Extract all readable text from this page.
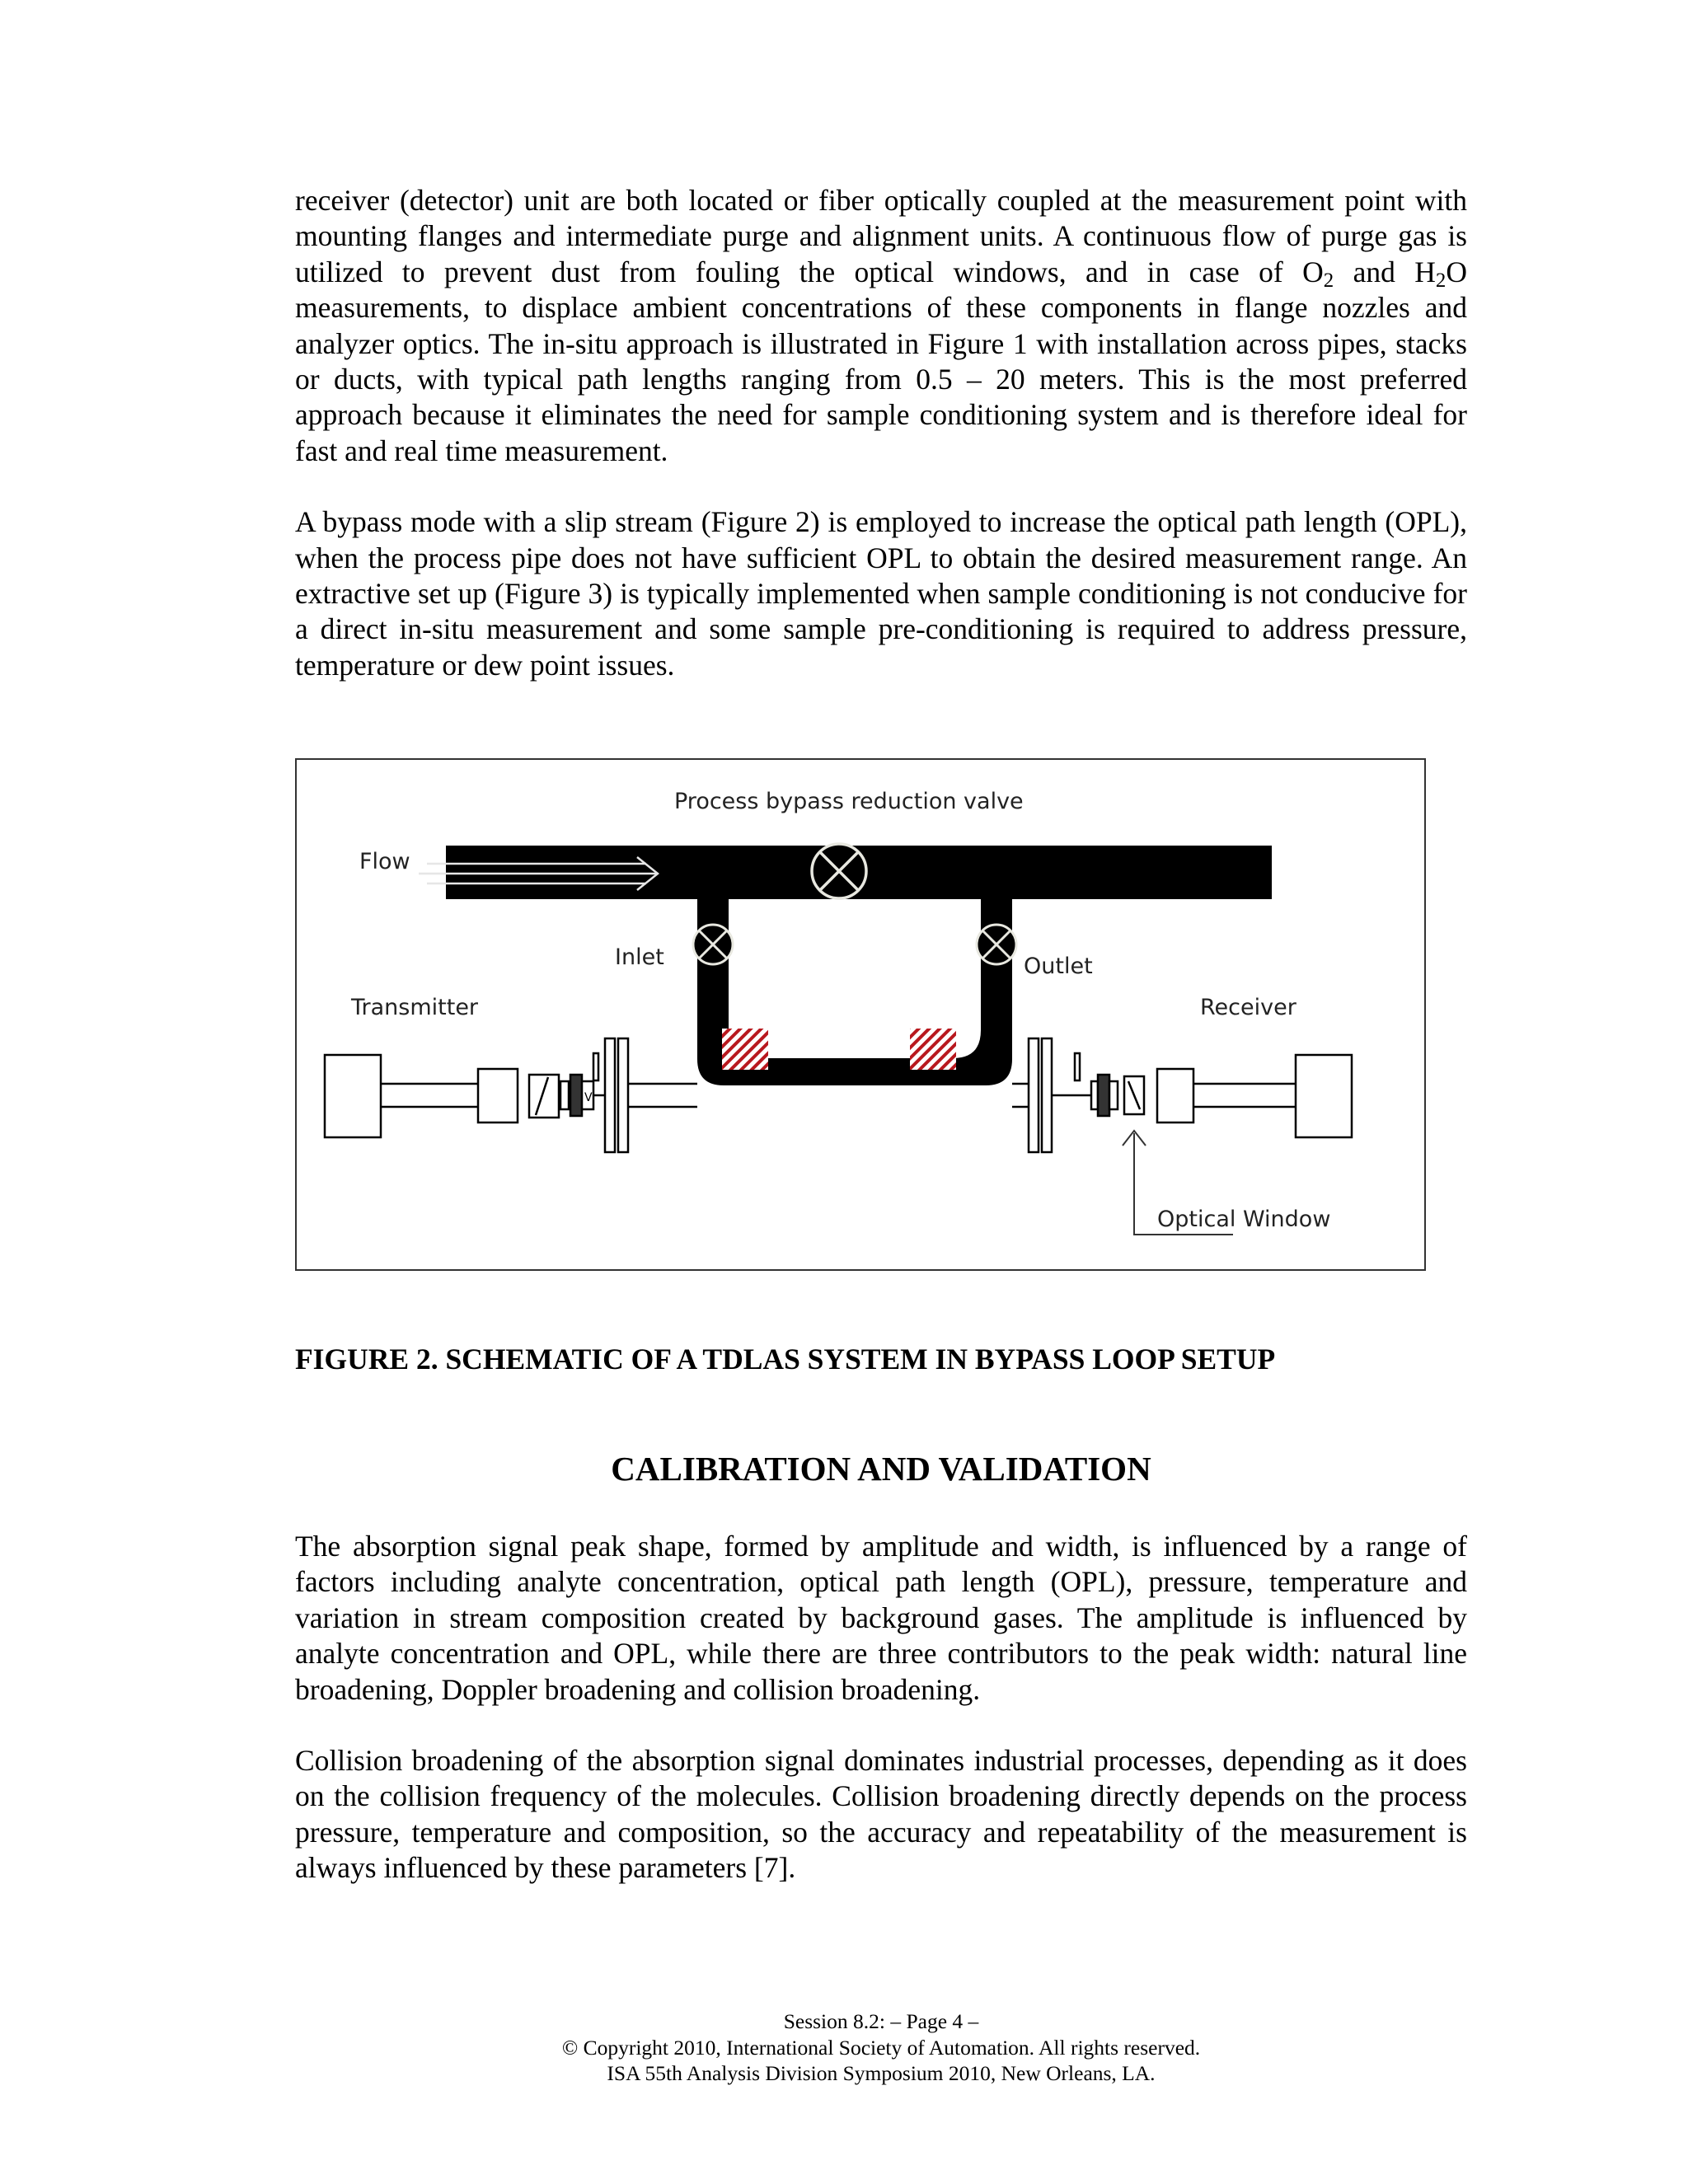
receiver (detector) unit are both located or fiber optically coupled at the measurement point with mounting flanges and intermediate purge and alignment units. A continuous flow of purge gas is utilized to prevent dust from fouling the optical windows, and in case of $O_2$ and $H_2O$ measurements, to displace ambient concentrations of these components in flange nozzles and analyzer optics. The in-situ approach is illustrated in Figure 1 with installation across pipes, stacks or ducts, with typical path lengths ranging from 0.5 – 20 meters. This is the most preferred approach because it eliminates the need for sample conditioning system and is therefore ideal for fast and real time measurement.

A bypass mode with a slip stream (Figure 2) is employed to increase the optical path length (OPL), when the process pipe does not have sufficient OPL to obtain the desired measurement range. An extractive set up (Figure 3) is typically implemented when sample conditioning is not conducive for a direct in-situ measurement and some sample pre-conditioning is required to address pressure, temperature or dew point issues.

Process bypass reduction valve
Flow
Inlet	Outlet
Transmitter	Receiver
Optical Window
V

FIGURE 2. SCHEMATIC OF A TDLAS SYSTEM IN BYPASS LOOP SETUP

CALIBRATION AND VALIDATION

The absorption signal peak shape, formed by amplitude and width, is influenced by a range of factors including analyte concentration, optical path length (OPL), pressure, temperature and variation in stream composition created by background gases. The amplitude is influenced by analyte concentration and OPL, while there are three contributors to the peak width: natural line broadening, Doppler broadening and collision broadening.

Collision broadening of the absorption signal dominates industrial processes, depending as it does on the collision frequency of the molecules. Collision broadening directly depends on the process pressure, temperature and composition, so the accuracy and repeatability of the measurement is always influenced by these parameters [7].

Session 8.2: – Page 4 –
© Copyright 2010, International Society of Automation. All rights reserved.
ISA 55th Analysis Division Symposium 2010, New Orleans, LA.
